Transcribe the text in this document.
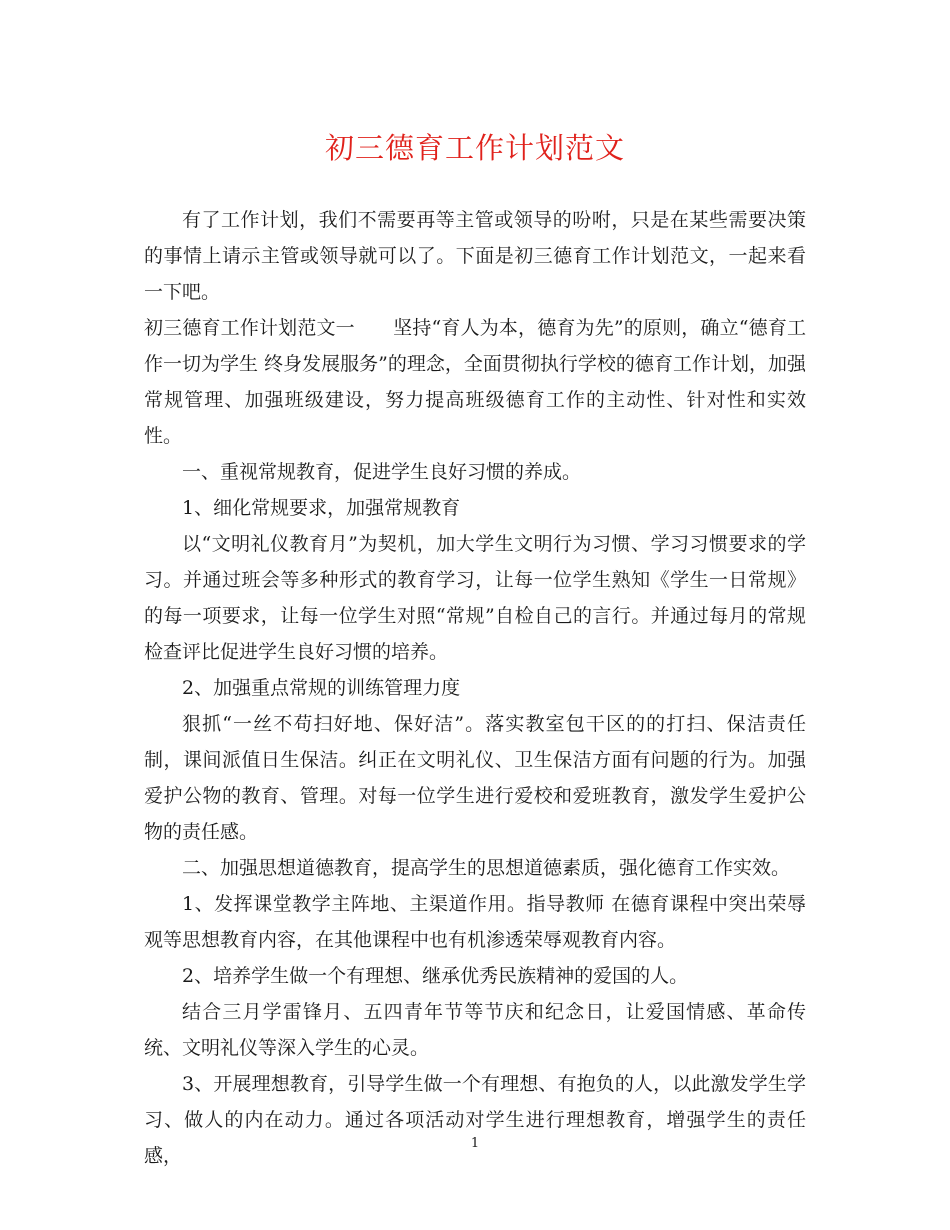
初三德育工作计划范文

有了工作计划，我们不需要再等主管或领导的吩咐，只是在某些需要决策的事情上请示主管或领导就可以了。下面是初三德育工作计划范文，一起来看一下吧。

初三德育工作计划范文一　　坚持“育人为本，德育为先”的原则，确立“德育工作一切为学生 终身发展服务”的理念，全面贯彻执行学校的德育工作计划，加强常规管理、加强班级建设，努力提高班级德育工作的主动性、针对性和实效性。

一、重视常规教育，促进学生良好习惯的养成。

1、细化常规要求，加强常规教育

以“文明礼仪教育月”为契机，加大学生文明行为习惯、学习习惯要求的学习。并通过班会等多种形式的教育学习，让每一位学生熟知《学生一日常规》的每一项要求，让每一位学生对照“常规”自检自己的言行。并通过每月的常规检查评比促进学生良好习惯的培养。

2、加强重点常规的训练管理力度

狠抓“一丝不苟扫好地、保好洁”。落实教室包干区的的打扫、保洁责任制，课间派值日生保洁。纠正在文明礼仪、卫生保洁方面有问题的行为。加强爱护公物的教育、管理。对每一位学生进行爱校和爱班教育，激发学生爱护公物的责任感。

二、加强思想道德教育，提高学生的思想道德素质，强化德育工作实效。

1、发挥课堂教学主阵地、主渠道作用。指导教师 在德育课程中突出荣辱观等思想教育内容，在其他课程中也有机渗透荣辱观教育内容。

2、培养学生做一个有理想、继承优秀民族精神的爱国的人。

结合三月学雷锋月、五四青年节等节庆和纪念日，让爱国情感、革命传统、文明礼仪等深入学生的心灵。

3、开展理想教育，引导学生做一个有理想、有抱负的人，以此激发学生学习、做人的内在动力。通过各项活动对学生进行理想教育，增强学生的责任感，

1
